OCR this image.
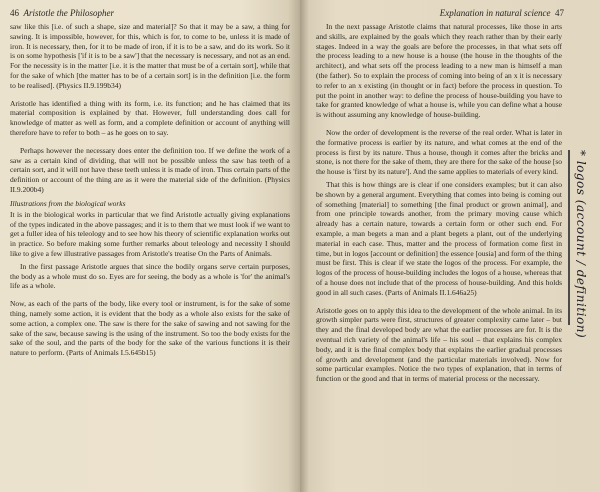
46 Aristotle the Philosopher

saw like this [i.e. of such a shape, size and material]? So that it may be a saw, a thing for sawing. It is impossible, however, for this, which is for, to come to be, unless it is made of iron. It is necessary, then, for it to be made of iron, if it is to be a saw, and do its work. So it is on some hypothesis ['if it is to be a saw'] that the necessary is necessary, and not as an end. For the necessity is in the matter [i.e. it is the matter that must be of a certain sort], while that for the sake of which [the matter has to be of a certain sort] is in the definition [i.e. the form to be realised]. (Physics II.9.199b34)

Aristotle has identified a thing with its form, i.e. its function; and he has claimed that its material composition is explained by that. However, full understanding does call for knowledge of matter as well as form, and a complete definition or account of anything will therefore have to refer to both – as he goes on to say.

Perhaps however the necessary does enter the definition too. If we define the work of a saw as a certain kind of dividing, that will not be possible unless the saw has teeth of a certain sort, and it will not have these teeth unless it is made of iron. Thus certain parts of the definition or account of the thing are as it were the material side of the definition. (Physics II.9.200b4)

Illustrations from the biological works

It is in the biological works in particular that we find Aristotle actually giving explanations of the types indicated in the above passages; and it is to them that we must look if we want to get a fuller idea of his teleology and to see how his theory of scientific explanation works out in practice. So before making some further remarks about teleology and necessity I should like to give a few illustrative passages from Aristotle's treatise On the Parts of Animals.

In the first passage Aristotle argues that since the bodily organs serve certain purposes, the body as a whole must do so. Eyes are for seeing, the body as a whole is 'for' the animal's life as a whole.

Now, as each of the parts of the body, like every tool or instrument, is for the sake of some thing, namely some action, it is evident that the body as a whole also exists for the sake of some action, a complex one. The saw is there for the sake of sawing and not sawing for the sake of the saw, because sawing is the using of the instrument. So too the body exists for the sake of the soul, and the parts of the body for the sake of the various functions it is their nature to perform. (Parts of Animals I.5.645b15)

Explanation in natural science 47

In the next passage Aristotle claims that natural processes, like those in arts and skills, are explained by the goals which they reach rather than by their early stages. Indeed in a way the goals are before the processes, in that what sets off the process leading to a new house is a house (the house in the thoughts of the architect), and what sets off the process leading to a new man is himself a man (the father). So to explain the process of coming into being of an x it is necessary to refer to an x existing (in thought or in fact) before the process in question. To put the point in another way: to define the process of house-building you have to take for granted knowledge of what a house is, while you can define what a house is without assuming any knowledge of house-building.

Now the order of development is the reverse of the real order. What is later in the formative process is earlier by its nature, and what comes at the end of the process is first by its nature. Thus a house, though it comes after the bricks and stone, is not there for the sake of them, they are there for the sake of the house [so the house is 'first by its nature']. And the same applies to materials of every kind.

That this is how things are is clear if one considers examples; but it can also be shown by a general argument. Everything that comes into being is coming out of something [material] to something [the final product or grown animal], and from one principle towards another, from the primary moving cause which already has a certain nature, towards a certain form or other such end. For example, a man begets a man and a plant begets a plant, out of the underlying material in each case. Thus, matter and the process of formation come first in time, but in logos [account or definition] the essence [ousia] and form of the thing must be first. This is clear if we state the logos of the process. For example, the logos of the process of house-building includes the logos of a house, whereas that of a house does not include that of the process of house-building. And this holds good in all such cases. (Parts of Animals II.1.646a25)

Aristotle goes on to apply this idea to the development of the whole animal. In its growth simpler parts were first, structures of greater complexity came later – but they and the final developed body are what the earlier processes are for. It is the eventual rich variety of the animal's life – his soul – that explains his complex body, and it is the final complex body that explains the earlier gradual processes of growth and development (and the particular materials involved). Now for some particular examples. Notice the two types of explanation, that in terms of function or the good and that in terms of material process or the necessary.

* logos (account / definition)
